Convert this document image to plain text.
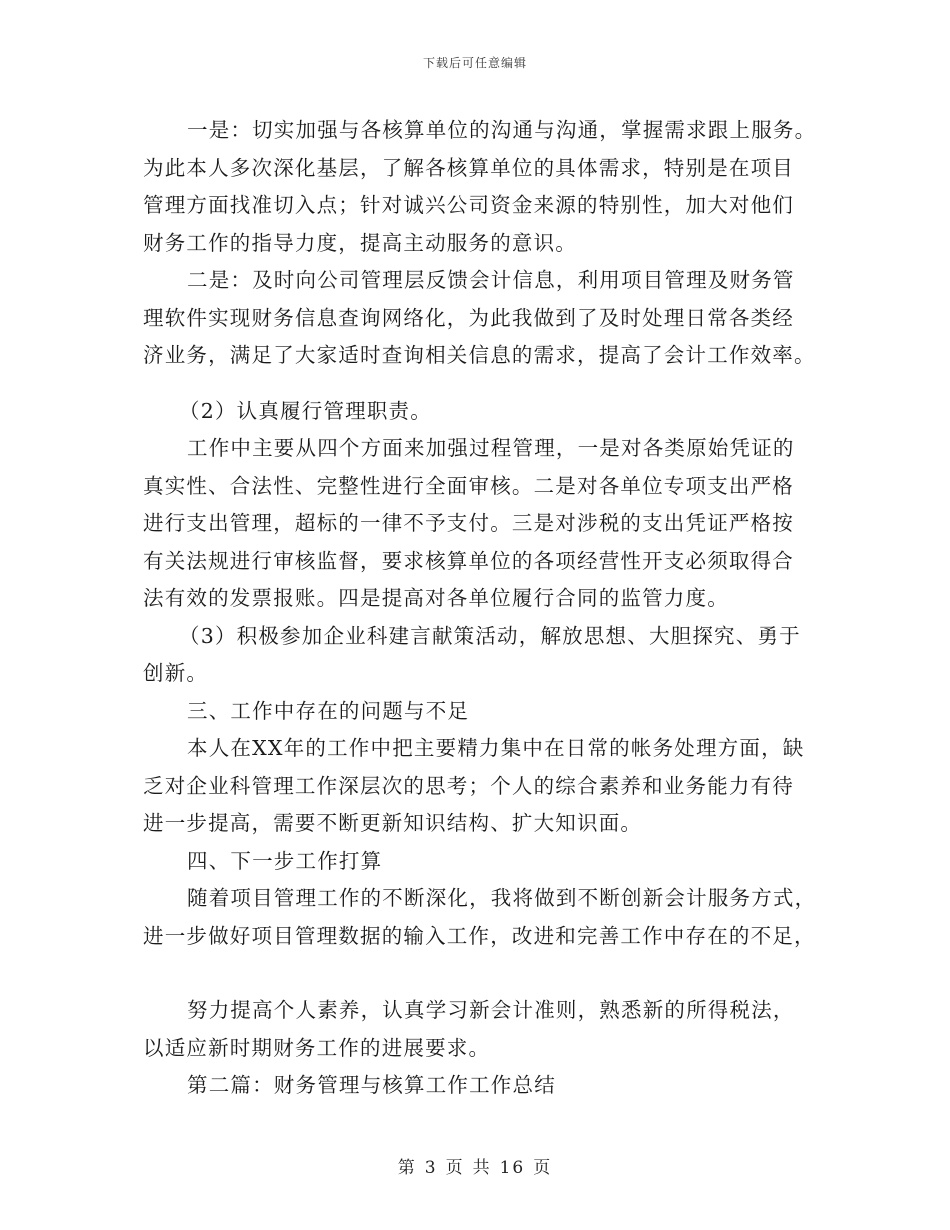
下载后可任意编辑
一是：切实加强与各核算单位的沟通与沟通，掌握需求跟上服务。
为此本人多次深化基层，了解各核算单位的具体需求，特别是在项目
管理方面找准切入点；针对诚兴公司资金来源的特别性，加大对他们
财务工作的指导力度，提高主动服务的意识。
二是：及时向公司管理层反馈会计信息，利用项目管理及财务管
理软件实现财务信息查询网络化，为此我做到了及时处理日常各类经
济业务，满足了大家适时查询相关信息的需求，提高了会计工作效率。
（2）认真履行管理职责。
工作中主要从四个方面来加强过程管理，一是对各类原始凭证的
真实性、合法性、完整性进行全面审核。二是对各单位专项支出严格
进行支出管理，超标的一律不予支付。三是对涉税的支出凭证严格按
有关法规进行审核监督，要求核算单位的各项经营性开支必须取得合
法有效的发票报账。四是提高对各单位履行合同的监管力度。
（3）积极参加企业科建言献策活动，解放思想、大胆探究、勇于
创新。
三、工作中存在的问题与不足
本人在XX年的工作中把主要精力集中在日常的帐务处理方面，缺
乏对企业科管理工作深层次的思考；个人的综合素养和业务能力有待
进一步提高，需要不断更新知识结构、扩大知识面。
四、下一步工作打算
随着项目管理工作的不断深化，我将做到不断创新会计服务方式，
进一步做好项目管理数据的输入工作，改进和完善工作中存在的不足，
努力提高个人素养，认真学习新会计准则，熟悉新的所得税法，
以适应新时期财务工作的进展要求。
第二篇：财务管理与核算工作工作总结
第 3 页 共 16 页
